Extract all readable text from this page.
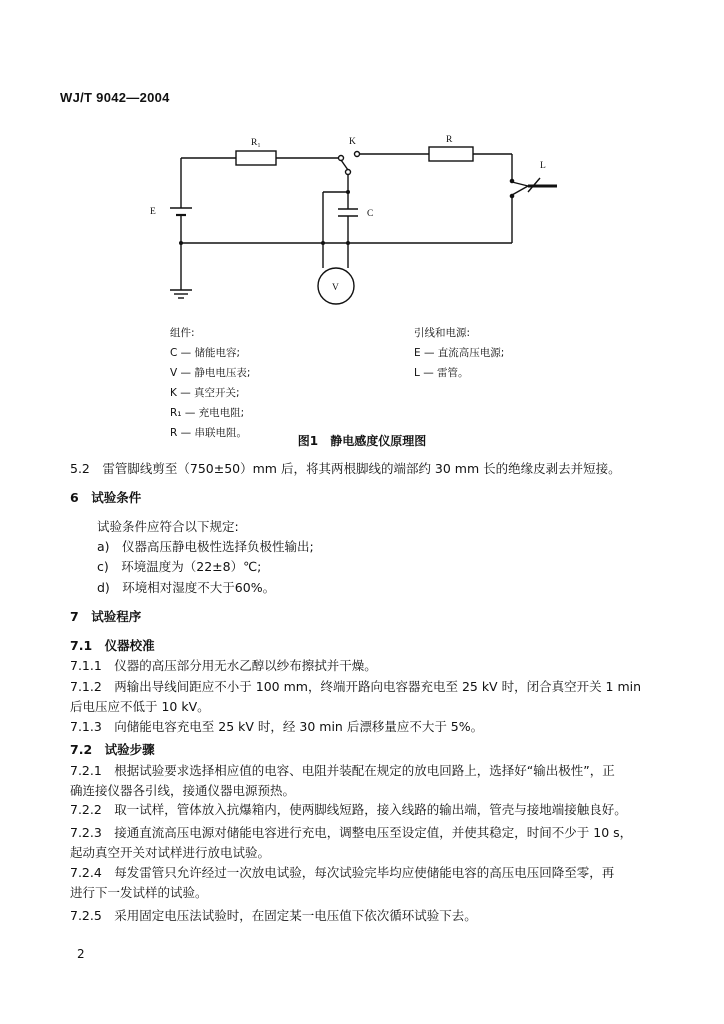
WJ/T 9042—2004
R₁	K	R
L
E	C
V
组件:
C — 储能电容;
V — 静电电压表;
K — 真空开关;
R₁ — 充电电阻;
R — 串联电阻。
引线和电源:
E — 直流高压电源;
L — 雷管。
图1 静电感度仪原理图
5.2　雷管脚线剪至（750±50）mm 后，将其两根脚线的端部约 30 mm 长的绝缘皮剥去并短接。
6　试验条件
试验条件应符合以下规定:
a)　仪器高压静电极性选择负极性输出;
c)　环境温度为（22±8）℃;
d)　环境相对湿度不大于60%。
7　试验程序
7.1　仪器校准
7.1.1　仪器的高压部分用无水乙醇以纱布擦拭并干燥。
7.1.2　两输出导线间距应不小于 100 mm，终端开路向电容器充电至 25 kV 时，闭合真空开关 1 min
后电压应不低于 10 kV。
7.1.3　向储能电容充电至 25 kV 时，经 30 min 后漂移量应不大于 5%。
7.2　试验步骤
7.2.1　根据试验要求选择相应值的电容、电阻并装配在规定的放电回路上，选择好“输出极性”，正
确连接仪器各引线，接通仪器电源预热。
7.2.2　取一试样，管体放入抗爆箱内，使两脚线短路，接入线路的输出端，管壳与接地端接触良好。
7.2.3　接通直流高压电源对储能电容进行充电，调整电压至设定值，并使其稳定，时间不少于 10 s，
起动真空开关对试样进行放电试验。
7.2.4　每发雷管只允许经过一次放电试验，每次试验完毕均应使储能电容的高压电压回降至零，再
进行下一发试样的试验。
7.2.5　采用固定电压法试验时，在固定某一电压值下依次循环试验下去。
2
